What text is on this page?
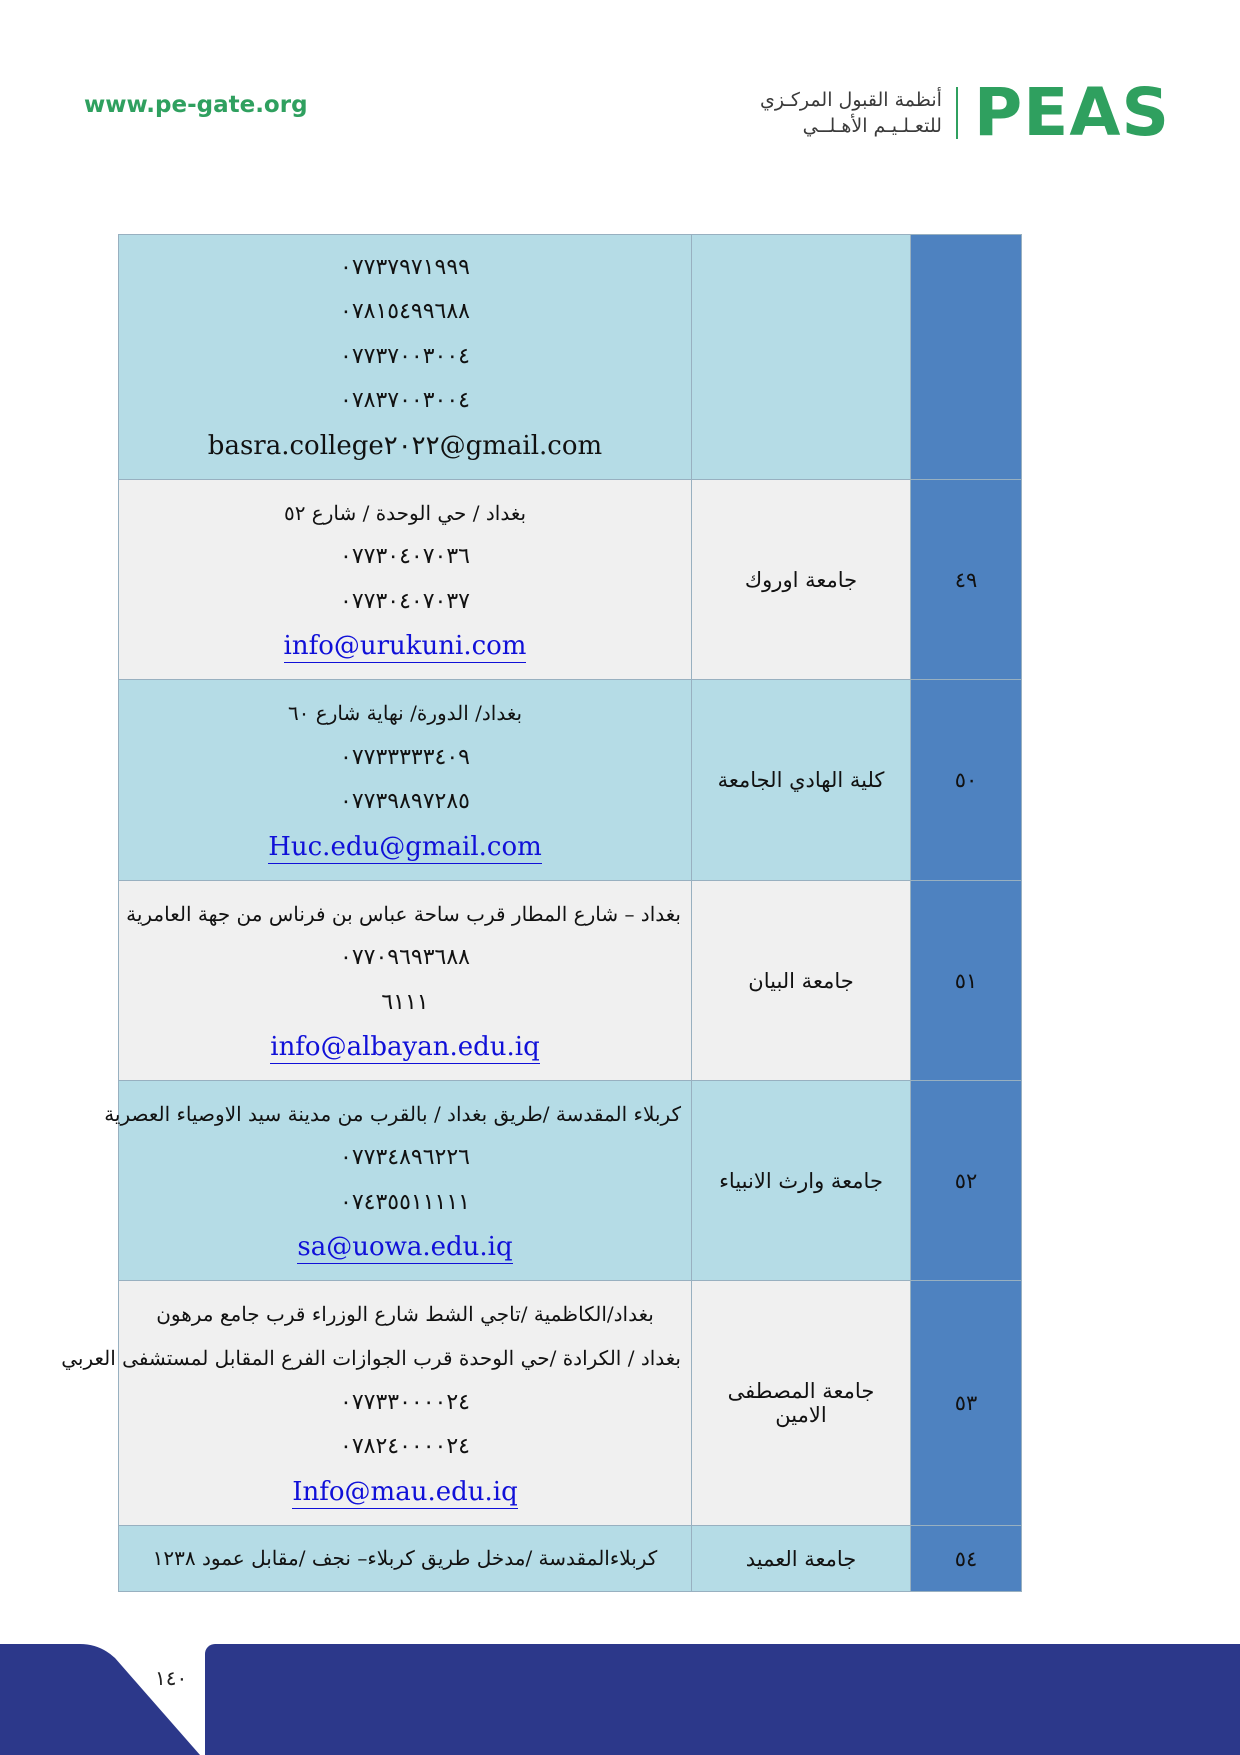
www.pe-gate.org	أنظمة القبول المركـزي
للتعـلـيـم الأهـلــي PEAS

		٠٧٧٣٧٩٧١٩٩٩
٠٧٨١٥٤٩٩٦٨٨
٠٧٧٣٧٠٠٣٠٠٤
٠٧٨٣٧٠٠٣٠٠٤
basra.college٢٠٢٢@gmail.com

٤٩	جامعة اوروك	بغداد / حي الوحدة / شارع ٥٢
٠٧٧٣٠٤٠٧٠٣٦
٠٧٧٣٠٤٠٧٠٣٧
info@urukuni.com

٥٠	كلية الهادي الجامعة	بغداد/ الدورة/ نهاية شارع ٦٠
٠٧٧٣٣٣٣٣٤٠٩
٠٧٧٣٩٨٩٧٢٨٥
Huc.edu@gmail.com

٥١	جامعة البيان	بغداد – شارع المطار قرب ساحة عباس بن فرناس من جهة العامرية
٠٧٧٠٩٦٩٣٦٨٨
٦١١١
info@albayan.edu.iq

٥٢	جامعة وارث الانبياء	كربلاء المقدسة /طريق بغداد / بالقرب من مدينة سيد الاوصياء العصرية
٠٧٧٣٤٨٩٦٢٢٦
٠٧٤٣٥٥١١١١١
sa@uowa.edu.iq

٥٣	جامعة المصطفى الامين	بغداد/الكاظمية /تاجي الشط شارع الوزراء قرب جامع مرهون
بغداد / الكرادة /حي الوحدة قرب الجوازات الفرع المقابل لمستشفى العربي
٠٧٧٣٣٠٠٠٠٢٤
٠٧٨٢٤٠٠٠٠٢٤
Info@mau.edu.iq

٥٤	جامعة العميد	كربلاءالمقدسة /مدخل طريق كربلاء– نجف /مقابل عمود ١٢٣٨
١٤٠
